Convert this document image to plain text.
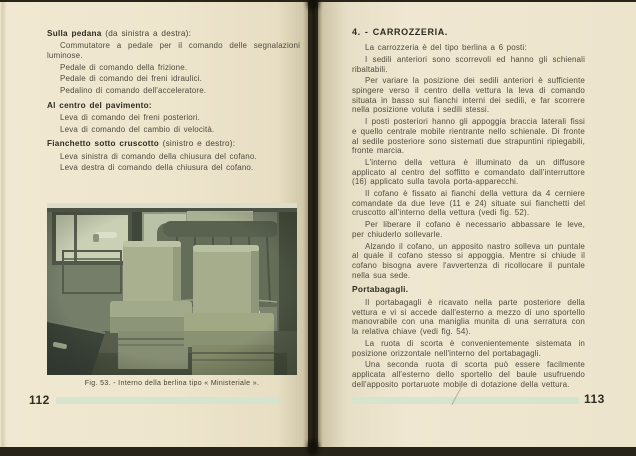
Sulla pedana (da sinistra a destra):

Commutatore a pedale per il comando delle segnalazioni luminose.

Pedale di comando della frizione.

Pedale di comando dei freni idraulici.

Pedalino di comando dell'acceleratore.

Al centro del pavimento:

Leva di comando dei freni posteriori.

Leva di comando del cambio di velocità.

Fianchetto sotto cruscotto (sinistro e destro):

Leva sinistra di comando della chiusura del cofano.

Leva destra di comando della chiusura del cofano.

Fig. 53. - Interno della berlina tipo « Ministeriale ».
112

4. - CARROZZERIA.

La carrozzeria è del tipo berlina a 6 posti:

I sedili anteriori sono scorrevoli ed hanno gli schienali ribaltabili.

Per variare la posizione dei sedili anteriori è sufficiente spingere verso il centro della vettura la leva di comando situata in basso sui fianchi interni dei sedili, e far scorrere nella posizione voluta i sedili stessi.

I posti posteriori hanno gli appoggia braccia laterali fissi e quello centrale mobile rientrante nello schienale. Di fronte al sedile posteriore sono sistemati due strapuntini ripiegabili, fronte marcia.

L'interno della vettura è illuminato da un diffusore applicato al centro del soffitto e comandato dall'interruttore (16) applicato sulla tavola porta-apparecchi.

Il cofano è fissato ai fianchi della vettura da 4 cerniere comandate da due leve (11 e 24) situate sui fianchetti del cruscotto all'interno della vettura (vedi fig. 52).

Per liberare il cofano è necessario abbassare le leve, per chiuderlo sollevarle.

Alzando il cofano, un apposito nastro solleva un puntale al quale il cofano stesso si appoggia. Mentre si chiude il cofano bisogna avere l'avvertenza di ricollocare il puntale nella sua sede.

Portabagagli.

Il portabagagli è ricavato nella parte posteriore della vettura e vi si accede dall'esterno a mezzo di uno sportello manovrabile con una maniglia munita di una serratura con la relativa chiave (vedi fig. 54).

La ruota di scorta è convenientemente sistemata in posizione orizzontale nell'interno del portabagagli.

Una seconda ruota di scorta può essere facilmente applicata all'esterno dello sportello del baule usufruendo dell'apposito portaruote mobile di dotazione della vettura.

113
